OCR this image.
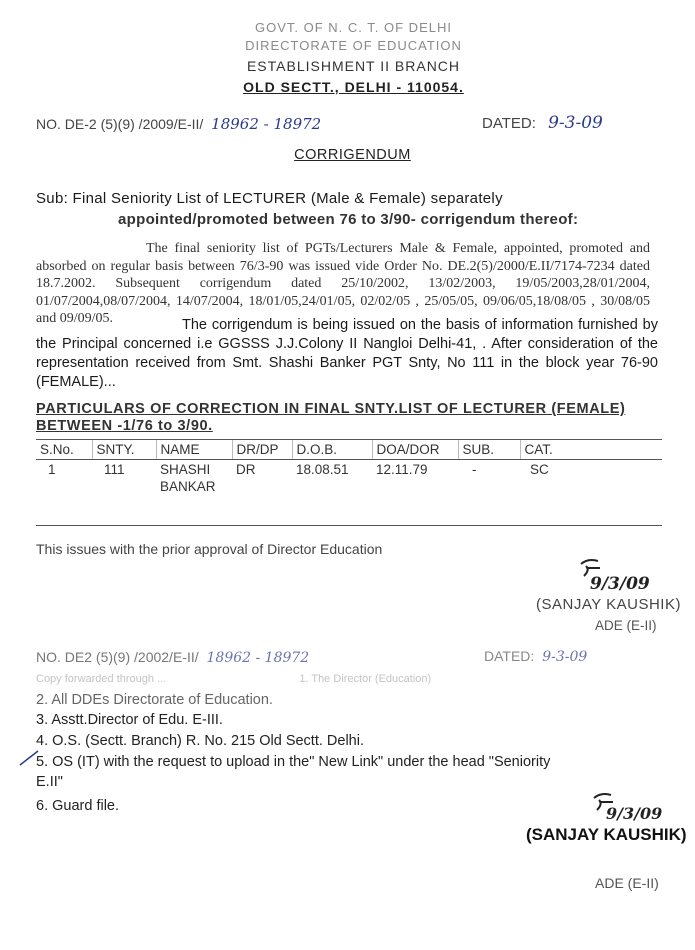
GOVT. OF N. C. T. OF DELHI
DIRECTORATE OF EDUCATION
ESTABLISHMENT II BRANCH
OLD SECTT., DELHI - 110054.
NO. DE-2 (5)(9) /2009/E-II/ 18962 - 18972	DATED: 9-3-09
CORRIGENDUM
Sub: Final Seniority List of LECTURER (Male & Female) separately
appointed/promoted between 76 to 3/90- corrigendum thereof:
The final seniority list of PGTs/Lecturers Male & Female, appointed, promoted and absorbed on regular basis between 76/3-90 was issued vide Order No. DE.2(5)/2000/E.II/7174-7234 dated 18.7.2002. Subsequent corrigendum dated 25/10/2002, 13/02/2003, 19/05/2003,28/01/2004, 01/07/2004,08/07/2004, 14/07/2004, 18/01/05,24/01/05, 02/02/05 , 25/05/05, 09/06/05,18/08/05 , 30/08/05 and 09/09/05.	The corrigendum is being issued on the basis of information furnished by the Principal concerned i.e GGSSS J.J.Colony II Nangloi Delhi-41, . After consideration of the representation received from Smt. Shashi Banker PGT Snty, No 111 in the block year 76-90 (FEMALE)...
PARTICULARS OF CORRECTION IN FINAL SNTY.LIST OF LECTURER (FEMALE) BETWEEN -1/76 to 3/90.
S.No.	SNTY.	NAME	DR/DP	D.O.B.	DOA/DOR	SUB.	CAT.
1	111	SHASHI BANKAR	DR	18.08.51	12.11.79	-	SC
This issues with the prior approval of Director Education
9/3/09
(SANJAY KAUSHIK)
ADE (E-II)
NO. DE2 (5)(9) /2002/E-II/ 18962 - 18972	DATED: 9-3-09
Copy forwarded through ...	1. The Director (Education)
2. All DDEs Directorate of Education.
3. Asstt.Director of Edu. E-III.
4. O.S. (Sectt. Branch) R. No. 215 Old Sectt. Delhi.
5. OS (IT) with the request to upload in the" New Link" under the head "Seniority
E.II"
6. Guard file.	9/3/09
(SANJAY KAUSHIK)
ADE (E-II)
